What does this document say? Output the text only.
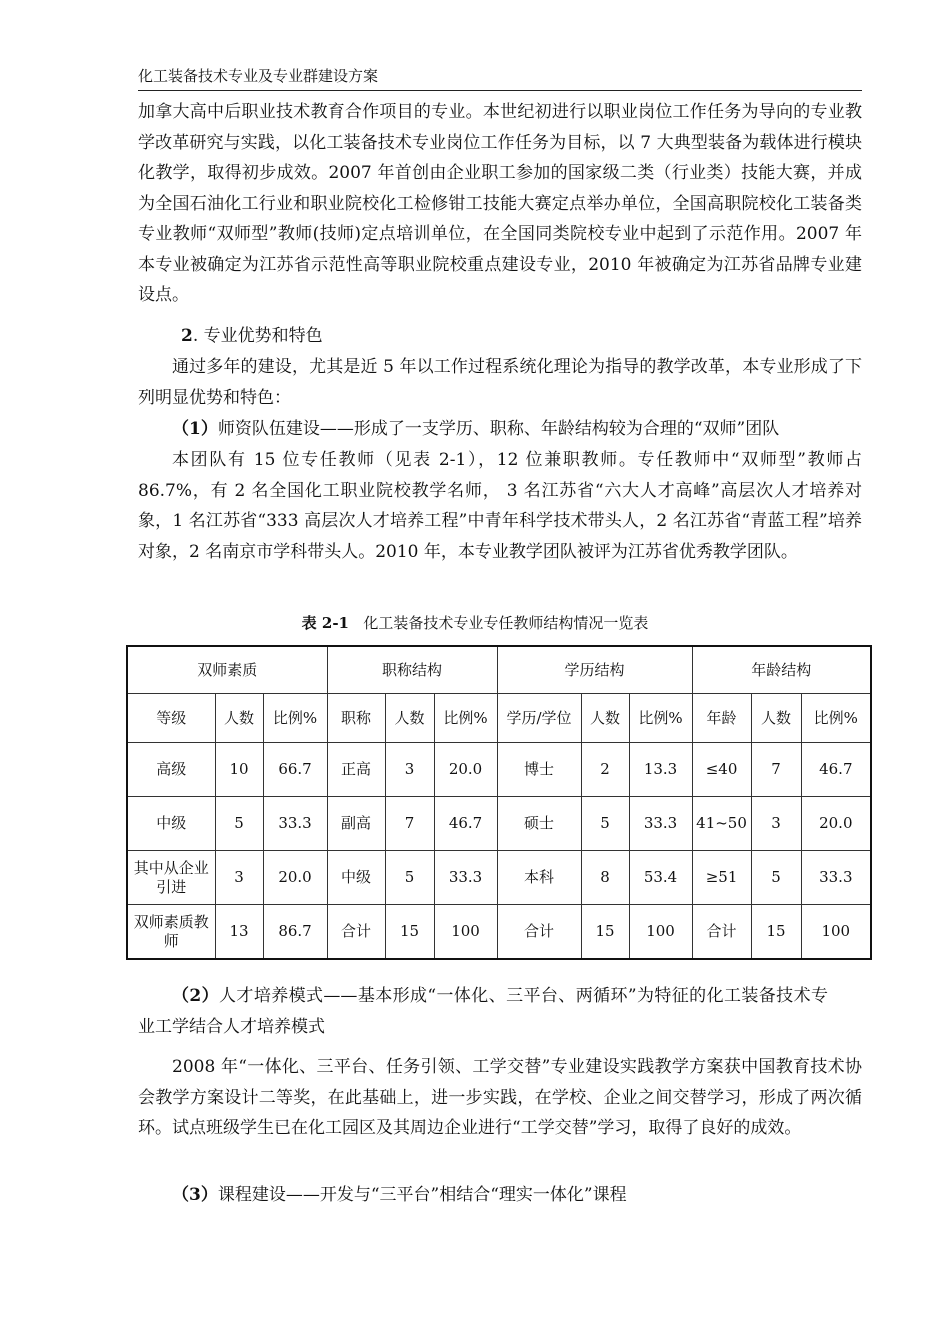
化工装备技术专业及专业群建设方案

加拿大高中后职业技术教育合作项目的专业。本世纪初进行以职业岗位工作任务为导向的专业教学改革研究与实践，以化工装备技术专业岗位工作任务为目标，以 7 大典型装备为载体进行模块化教学，取得初步成效。2007 年首创由企业职工参加的国家级二类（行业类）技能大赛，并成为全国石油化工行业和职业院校化工检修钳工技能大赛定点举办单位，全国高职院校化工装备类专业教师“双师型”教师(技师)定点培训单位，在全国同类院校专业中起到了示范作用。2007 年本专业被确定为江苏省示范性高等职业院校重点建设专业，2010 年被确定为江苏省品牌专业建设点。

2. 专业优势和特色

通过多年的建设，尤其是近 5 年以工作过程系统化理论为指导的教学改革，本专业形成了下列明显优势和特色：

（1）师资队伍建设——形成了一支学历、职称、年龄结构较为合理的“双师”团队

本团队有 15 位专任教师（见表 2-1），12 位兼职教师。专任教师中“双师型”教师占 86.7%，有 2 名全国化工职业院校教学名师， 3 名江苏省“六大人才高峰”高层次人才培养对象，1 名江苏省“333 高层次人才培养工程”中青年科学技术带头人，2 名江苏省“青蓝工程”培养对象，2 名南京市学科带头人。2010 年，本专业教学团队被评为江苏省优秀教学团队。

表 2-1 化工装备技术专业专任教师结构情况一览表
双师素质			职称结构			学历结构			年龄结构		
等级	人数	比例%	职称	人数	比例%	学历/学位	人数	比例%	年龄	人数	比例%
高级	10	66.7	正高	3	20.0	博士	2	13.3	≤40	7	46.7
中级	5	33.3	副高	7	46.7	硕士	5	33.3	41~50	3	20.0
其中从企业引进	3	20.0	中级	5	33.3	本科	8	53.4	≥51	5	33.3
双师素质教师	13	86.7	合计	15	100	合计	15	100	合计	15	100
（2）人才培养模式——基本形成“一体化、三平台、两循环”为特征的化工装备技术专业工学结合人才培养模式

2008 年“一体化、三平台、任务引领、工学交替”专业建设实践教学方案获中国教育技术协会教学方案设计二等奖，在此基础上，进一步实践，在学校、企业之间交替学习，形成了两次循环。试点班级学生已在化工园区及其周边企业进行“工学交替”学习，取得了良好的成效。

（3）课程建设——开发与“三平台”相结合“理实一体化”课程
